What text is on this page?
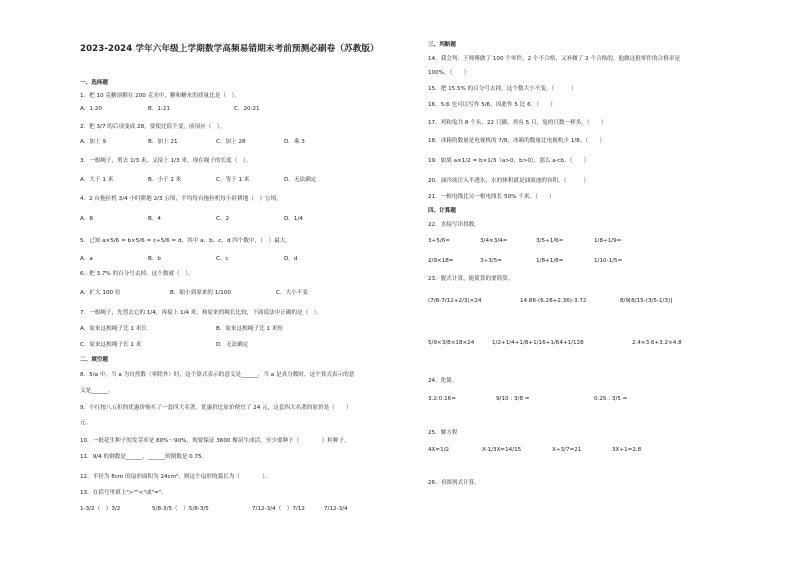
2023-2024 学年六年级上学期数学高频易错期末考前预测必刷卷（苏教版）
一、选择题
1．把 10 克糖溶解在 200 克水中，糖和糖水的质量比是（　）。
A．1:20	B．1:21	C．20:21
2．把 3/7 的后项变成 28，要使比值不变，前项应（　）。
A．加上 9	B．加上 21	C．加上 28	D．乘 3
3．一根绳子，剪去 1/3 米，又接上 1/3 米，现在绳子的长度（　）。
A．大于 1 米	B．小于 1 米	C．等于 1 米	D．无法确定
4．2 台拖拉机 3/4 小时耕地 2/3 公顷，平均每台拖拉机每小时耕地（　）公顷。
A．8	B．4	C．2	D．1/4
5．已知 a×5/6 = b×5/6 = c÷5/6 = d，其中 a、b、c、d 四个数中，（　）最大。
A．a	B．b	C．c	D．d
6．把 3.7% 的百分号去掉，这个数就（　）。
A．扩大 100 倍	B．缩小到原来的 1/100	C．大小不变
7．一根绳子，先剪去它的 1/4，再接上 1/4 米，和原来的绳长比较，下面说法中正确的是（　）。
A．原来这根绳子比 1 米长	B．原来这根绳子比 1 米短
C．原来这根绳子长 1 米	D．无法确定
二、填空题
8．5/a 中，当 a 为自然数（零除外）时，这个算式表示的意义是______，当 a 是真分数时，这个算式表示的意
义是______。
9．小红按八五折的优惠价购买了一套四大名著，优惠价比原价便宜了 24 元，这套四大名著的原价是（　　）
元。
10．一批花生种子的发芽率是 80%～90%，现要保证 3600 棵苗生成活，至少要种下（　　　　）粒种子。
11．9/4 的倒数是______，______的倒数是 0.75。
12．半径为 8cm 的扇形面积为 24cm²，则这个扇形的弧长为（　　　　）。
13．在括号里填上">""<"或"="。
1-3/2（　）3/2	5/8-3/5（　）5/8-3/5	7/12-3/4（　）7/12	7/12-3/4
三、判断题
14．我会判：王师傅做了 100 个零件，2 个不合格，又补做了 2 个合格的，他做这批零件的合格率是
100%。（　　）
15．把 15.5% 的百分号去掉，这个数大小不变。（　　　）
16．5:6 也可以写作 5/6，因此作 5 比 6。（　　）
17．鸡和兔共 8 个头，22 只脚，鸡有 5 只，兔的只数一样多。（　　）
18．冰箱的数量是电视机的 7/8，冰箱的数量比电视机少 1/8。（　　）
19．如果 a×1/2 = b×1/3（a>0，b>0），那么 a<b。（　　）
20．油冷液注入半透水，水的体积就是油液池的容积。（　　　）
21．一根电线比另一根电线长 50% 千米。（　　）
四、计算题
22．直接写出得数。
3÷5/6=	3/4×3/4=	3/5÷1/6=	1/8÷1/9=
2/9×18=	3÷3/5=	1/8+1/8=	1/10-1/5=
23．脱式计算，能简算的要简算。
(7/8-7/12+2/3)×24	14.86-(6.28+2.36)-3.72	8/9[8/15-(3/5-1/3)]
5/9×3/8×18×24	1/2+1/4+1/8+1/16+1/64+1/128	2.4×3.6+3.2×4.8
24．化简。
3.2:0.16=	9/10 : 3/8 =	0.25 : 3/5 =
25．解方程
4X=1/2	X-1/3X=14/15	X÷3/7=21	3X+1=2.8
26．看图列式计算。
